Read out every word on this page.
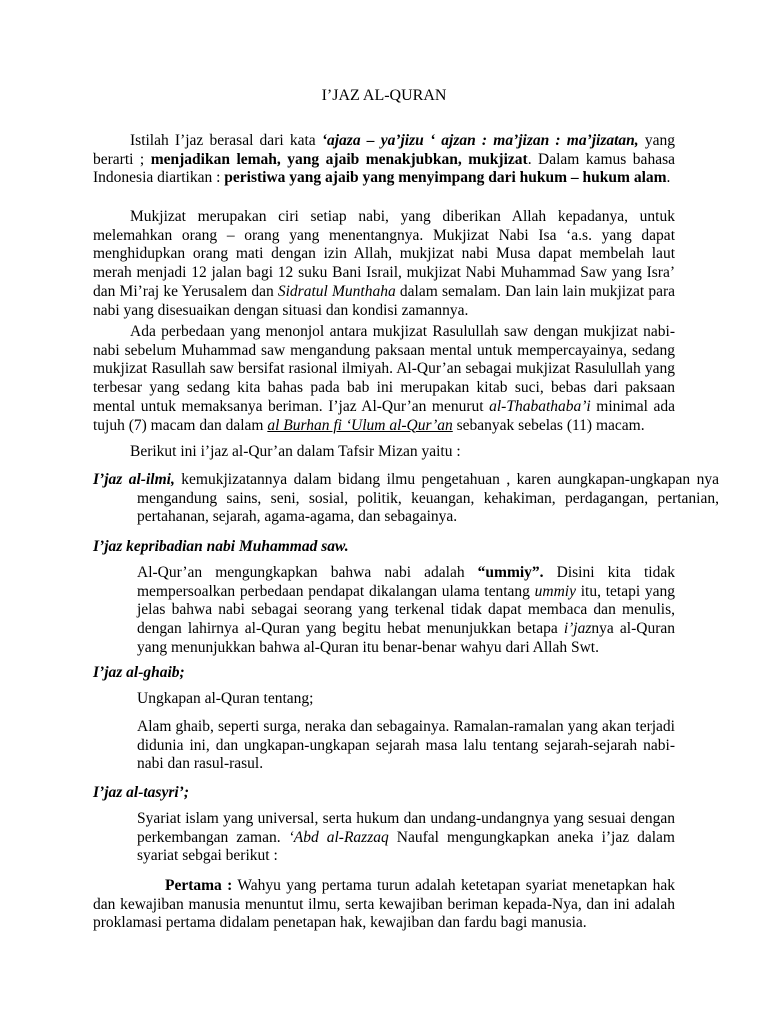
I’JAZ AL-QURAN

Istilah I’jaz berasal dari kata ‘ajaza – ya’jizu ‘ ajzan : ma’jizan : ma’jizatan, yang berarti ; menjadikan lemah, yang ajaib menakjubkan, mukjizat. Dalam kamus bahasa Indonesia diartikan : peristiwa yang ajaib yang menyimpang dari hukum – hukum alam.

Mukjizat merupakan ciri setiap nabi, yang diberikan Allah kepadanya, untuk melemahkan orang – orang yang menentangnya. Mukjizat Nabi Isa ‘a.s. yang dapat menghidupkan orang mati dengan izin Allah, mukjizat nabi Musa dapat membelah laut merah menjadi 12 jalan bagi 12 suku Bani Israil, mukjizat Nabi Muhammad Saw yang Isra’ dan Mi’raj ke Yerusalem dan Sidratul Munthaha dalam semalam. Dan lain lain mukjizat para nabi yang disesuaikan dengan situasi dan kondisi zamannya.

Ada perbedaan yang menonjol antara mukjizat Rasulullah saw dengan mukjizat nabi-nabi sebelum Muhammad saw mengandung paksaan mental untuk mempercayainya, sedang mukjizat Rasullah saw bersifat rasional ilmiyah. Al-Qur’an sebagai mukjizat Rasulullah yang terbesar yang sedang kita bahas pada bab ini merupakan kitab suci, bebas dari paksaan mental untuk memaksanya beriman. I’jaz Al-Qur’an menurut al-Thabathaba’i minimal ada tujuh (7) macam dan dalam al Burhan fi ‘Ulum al-Qur’an sebanyak sebelas (11) macam.

Berikut ini i’jaz al-Qur’an dalam Tafsir Mizan yaitu :

I’jaz al-ilmi, kemukjizatannya dalam bidang ilmu pengetahuan , karen aungkapan-ungkapan nya mengandung sains, seni, sosial, politik, keuangan, kehakiman, perdagangan, pertanian, pertahanan, sejarah, agama-agama, dan sebagainya.

I’jaz kepribadian nabi Muhammad saw.

Al-Qur’an mengungkapkan bahwa nabi adalah “ummiy”. Disini kita tidak mempersoalkan perbedaan pendapat dikalangan ulama tentang ummiy itu, tetapi yang jelas bahwa nabi sebagai seorang yang terkenal tidak dapat membaca dan menulis, dengan lahirnya al-Quran yang begitu hebat menunjukkan betapa i’jaznya al-Quran yang menunjukkan bahwa al-Quran itu benar-benar wahyu dari Allah Swt.

I’jaz al-ghaib;
Ungkapan al-Quran tentang;

Alam ghaib, seperti surga, neraka dan sebagainya. Ramalan-ramalan yang akan terjadi didunia ini, dan ungkapan-ungkapan sejarah masa lalu tentang sejarah-sejarah nabi-nabi dan rasul-rasul.

I’jaz al-tasyri’;

Syariat islam yang universal, serta hukum dan undang-undangnya yang sesuai dengan perkembangan zaman. ‘Abd al-Razzaq Naufal mengungkapkan aneka i’jaz dalam syariat sebgai berikut :

Pertama : Wahyu yang pertama turun adalah ketetapan syariat menetapkan hak dan kewajiban manusia menuntut ilmu, serta kewajiban beriman kepada-Nya, dan ini adalah proklamasi pertama didalam penetapan hak, kewajiban dan fardu bagi manusia.
